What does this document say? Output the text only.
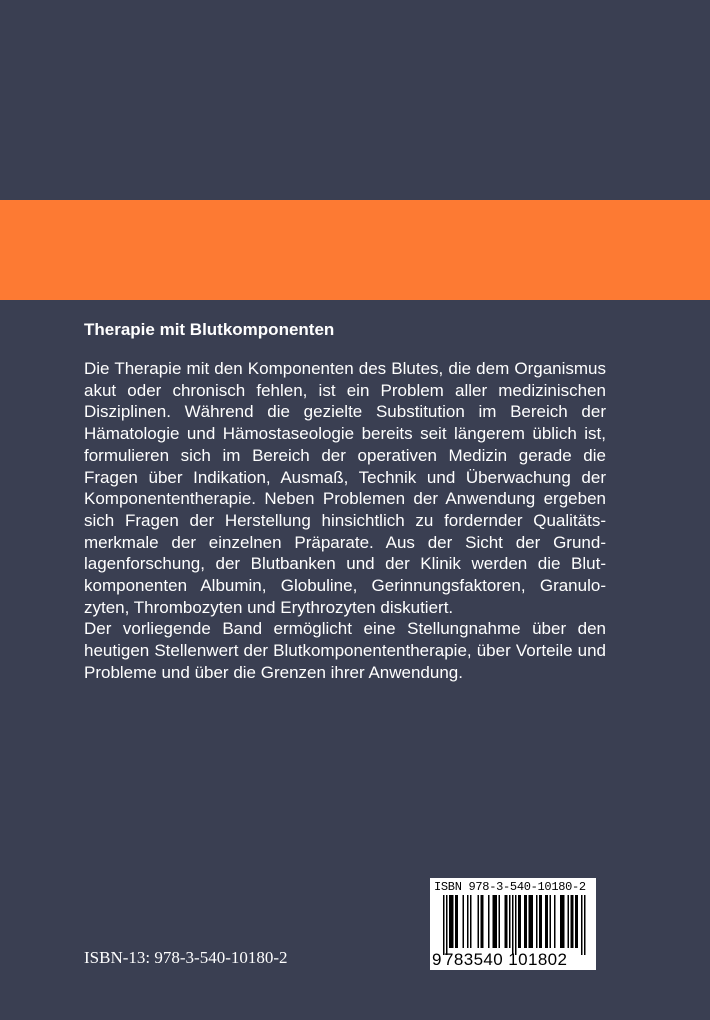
Therapie mit Blutkomponenten

Die Therapie mit den Komponenten des Blutes, die dem Organismus akut oder chronisch fehlen, ist ein Problem aller medizinischen Disziplinen. Während die gezielte Substitution im Bereich der Hämatologie und Hämostaseologie bereits seit längerem üblich ist, formulieren sich im Bereich der operativen Medizin gerade die Fragen über Indikation, Ausmaß, Technik und Überwachung der Komponententherapie. Neben Problemen der Anwendung ergeben sich Fragen der Herstellung hinsichtlich zu fordernder Qualitätsmerkmale der einzelnen Präparate. Aus der Sicht der Grundlagenforschung, der Blutbanken und der Klinik werden die Blutkomponenten Albumin, Globuline, Gerinnungsfaktoren, Granulozyten, Thrombozyten und Erythrozyten diskutiert.

Der vorliegende Band ermöglicht eine Stellungnahme über den heutigen Stellenwert der Blutkomponententherapie, über Vorteile und Probleme und über die Grenzen ihrer Anwendung.

ISBN-13: 978-3-540-10180-2
ISBN 978-3-540-10180-2
9 783540 101802
